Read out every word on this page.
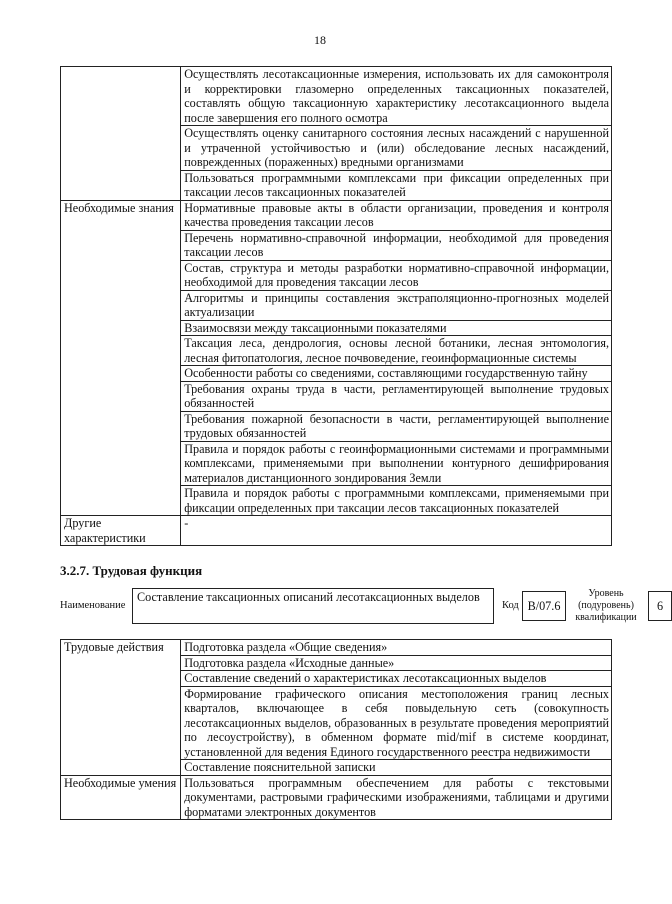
18
	Осуществлять лесотаксационные измерения, использовать их для самоконтроля и корректировки глазомерно определенных таксационных показателей, составлять общую таксационную характеристику лесотаксационного выдела после завершения его полного осмотра
	Осуществлять оценку санитарного состояния лесных насаждений с нарушенной и утраченной устойчивостью и (или) обследование лесных насаждений, поврежденных (пораженных) вредными организмами
	Пользоваться программными комплексами при фиксации определенных при таксации лесов таксационных показателей
Необходимые знания	Нормативные правовые акты в области организации, проведения и контроля качества проведения таксации лесов
	Перечень нормативно-справочной информации, необходимой для проведения таксации лесов
	Состав, структура и методы разработки нормативно-справочной информации, необходимой для проведения таксации лесов
	Алгоритмы и принципы составления экстраполяционно-прогнозных моделей актуализации
	Взаимосвязи между таксационными показателями
	Таксация леса, дендрология, основы лесной ботаники, лесная энтомология, лесная фитопатология, лесное почвоведение, геоинформационные системы
	Особенности работы со сведениями, составляющими государственную тайну
	Требования охраны труда в части, регламентирующей выполнение трудовых обязанностей
	Требования пожарной безопасности в части, регламентирующей выполнение трудовых обязанностей
	Правила и порядок работы с геоинформационными системами и программными комплексами, применяемыми при выполнении контурного дешифрирования материалов дистанционного зондирования Земли
	Правила и порядок работы с программными комплексами, применяемыми при фиксации определенных при таксации лесов таксационных показателей
Другие характеристики	-
3.2.7. Трудовая функция
Наименование
Составление таксационных описаний лесотаксационных выделов
Код B/07.6
Уровень (подуровень) квалификации
6
Трудовые действия	Подготовка раздела «Общие сведения»
	Подготовка раздела «Исходные данные»
	Составление сведений о характеристиках лесотаксационных выделов
	Формирование графического описания местоположения границ лесных кварталов, включающее в себя повыдельную сеть (совокупность лесотаксационных выделов, образованных в результате проведения мероприятий по лесоустройству), в обменном формате mid/mif в системе координат, установленной для ведения Единого государственного реестра недвижимости
	Составление пояснительной записки
Необходимые умения	Пользоваться программным обеспечением для работы с текстовыми документами, растровыми графическими изображениями, таблицами и другими форматами электронных документов
